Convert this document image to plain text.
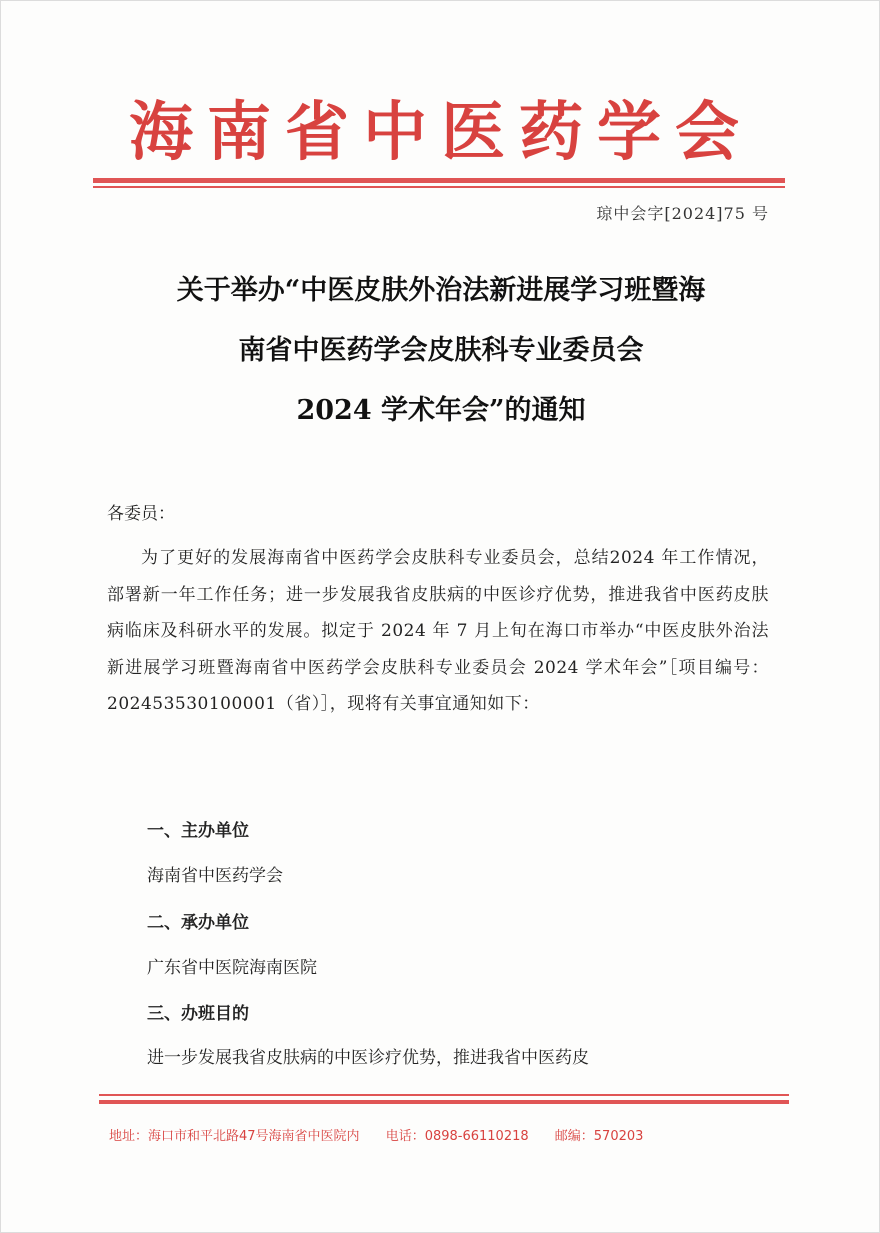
海南省中医药学会
琼中会字[2024]75 号
关于举办“中医皮肤外治法新进展学习班暨海
南省中医药学会皮肤科专业委员会
2024 学术年会”的通知
各委员：
为了更好的发展海南省中医药学会皮肤科专业委员会，总结2024 年工作情况，部署新一年工作任务；进一步发展我省皮肤病的中医诊疗优势，推进我省中医药皮肤病临床及科研水平的发展。拟定于 2024 年 7 月上旬在海口市举办“中医皮肤外治法新进展学习班暨海南省中医药学会皮肤科专业委员会 2024 学术年会”［项目编号：202453530100001（省）］，现将有关事宜通知如下：
一、主办单位
海南省中医药学会
二、承办单位
广东省中医院海南医院
三、办班目的
进一步发展我省皮肤病的中医诊疗优势，推进我省中医药皮
地址：海口市和平北路47号海南省中医院内 电话：0898-66110218 邮编：570203
